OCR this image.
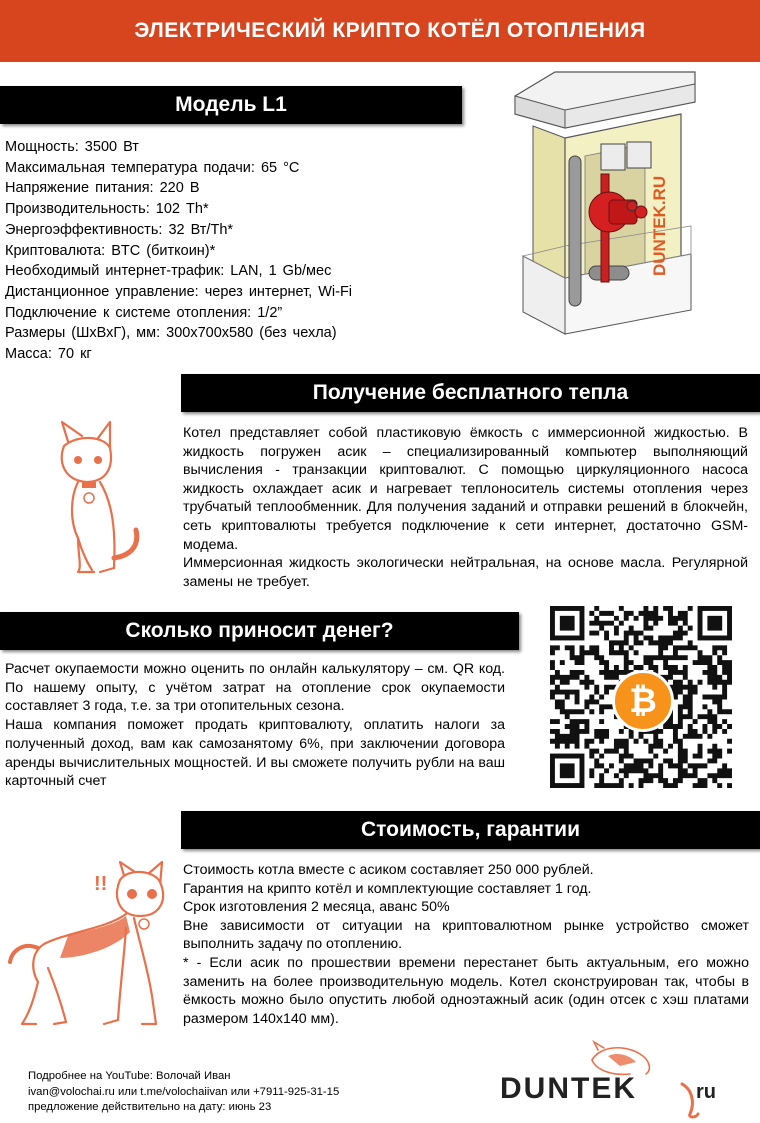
ЭЛЕКТРИЧЕСКИЙ КРИПТО КОТЁЛ ОТОПЛЕНИЯ
Модель L1
Мощность: 3500 Вт
Максимальная температура подачи: 65 °С
Напряжение питания: 220 В
Производительность: 102 Th*
Энергоэффективность: 32 Вт/Th*
Криптовалюта: BTC (биткоин)*
Необходимый интернет-трафик: LAN, 1 Gb/мес
Дистанционное управление: через интернет, Wi-Fi
Подключение к системе отопления: 1/2”
Размеры (ШхВхГ), мм: 300х700х580 (без чехла)
Масса: 70 кг
DUNTEK.RU
Получение бесплатного тепла

Котел представляет собой пластиковую ёмкость с иммерсионной жидкостью. В жидкость погружен асик – специализированный компьютер выполняющий вычисления - транзакции криптовалют. С помощью циркуляционного насоса жидкость охлаждает асик и нагревает теплоноситель системы отопления через трубчатый теплообменник. Для получения заданий и отправки решений в блокчейн, сеть криптовалюты требуется подключение к сети интернет, достаточно GSM-модема.

Иммерсионная жидкость экологически нейтральная, на основе масла. Регулярной замены не требует.

Сколько приносит денег?

Расчет окупаемости можно оценить по онлайн калькулятору – см. QR код. По нашему опыту, с учётом затрат на отопление срок окупаемости составляет 3 года, т.е. за три отопительных сезона.

Наша компания поможет продать криптовалюту, оплатить налоги за полученный доход, вам как самозанятому 6%, при заключении договора аренды вычислительных мощностей. И вы сможете получить рубли на ваш карточный счет

₿
Стоимость, гарантии
!!

Стоимость котла вместе с асиком составляет 250 000 рублей.

Гарантия на крипто котёл и комплектующие составляет 1 год.

Срок изготовления 2 месяца, аванс 50%

Вне зависимости от ситуации на криптовалютном рынке устройство сможет выполнить задачу по отоплению.

* - Если асик по прошествии времени перестанет быть актуальным, его можно заменить на более производительную модель. Котел сконструирован так, чтобы в ёмкость можно было опустить любой одноэтажный асик (один отсек с хэш платами размером 140х140 мм).

Подробнее на YouTube: Волочай Иван
ivan@volochai.ru или t.me/volochaiivan или +7911-925-31-15
предложение действительно на дату: июнь 23
DUNTEK	ru
